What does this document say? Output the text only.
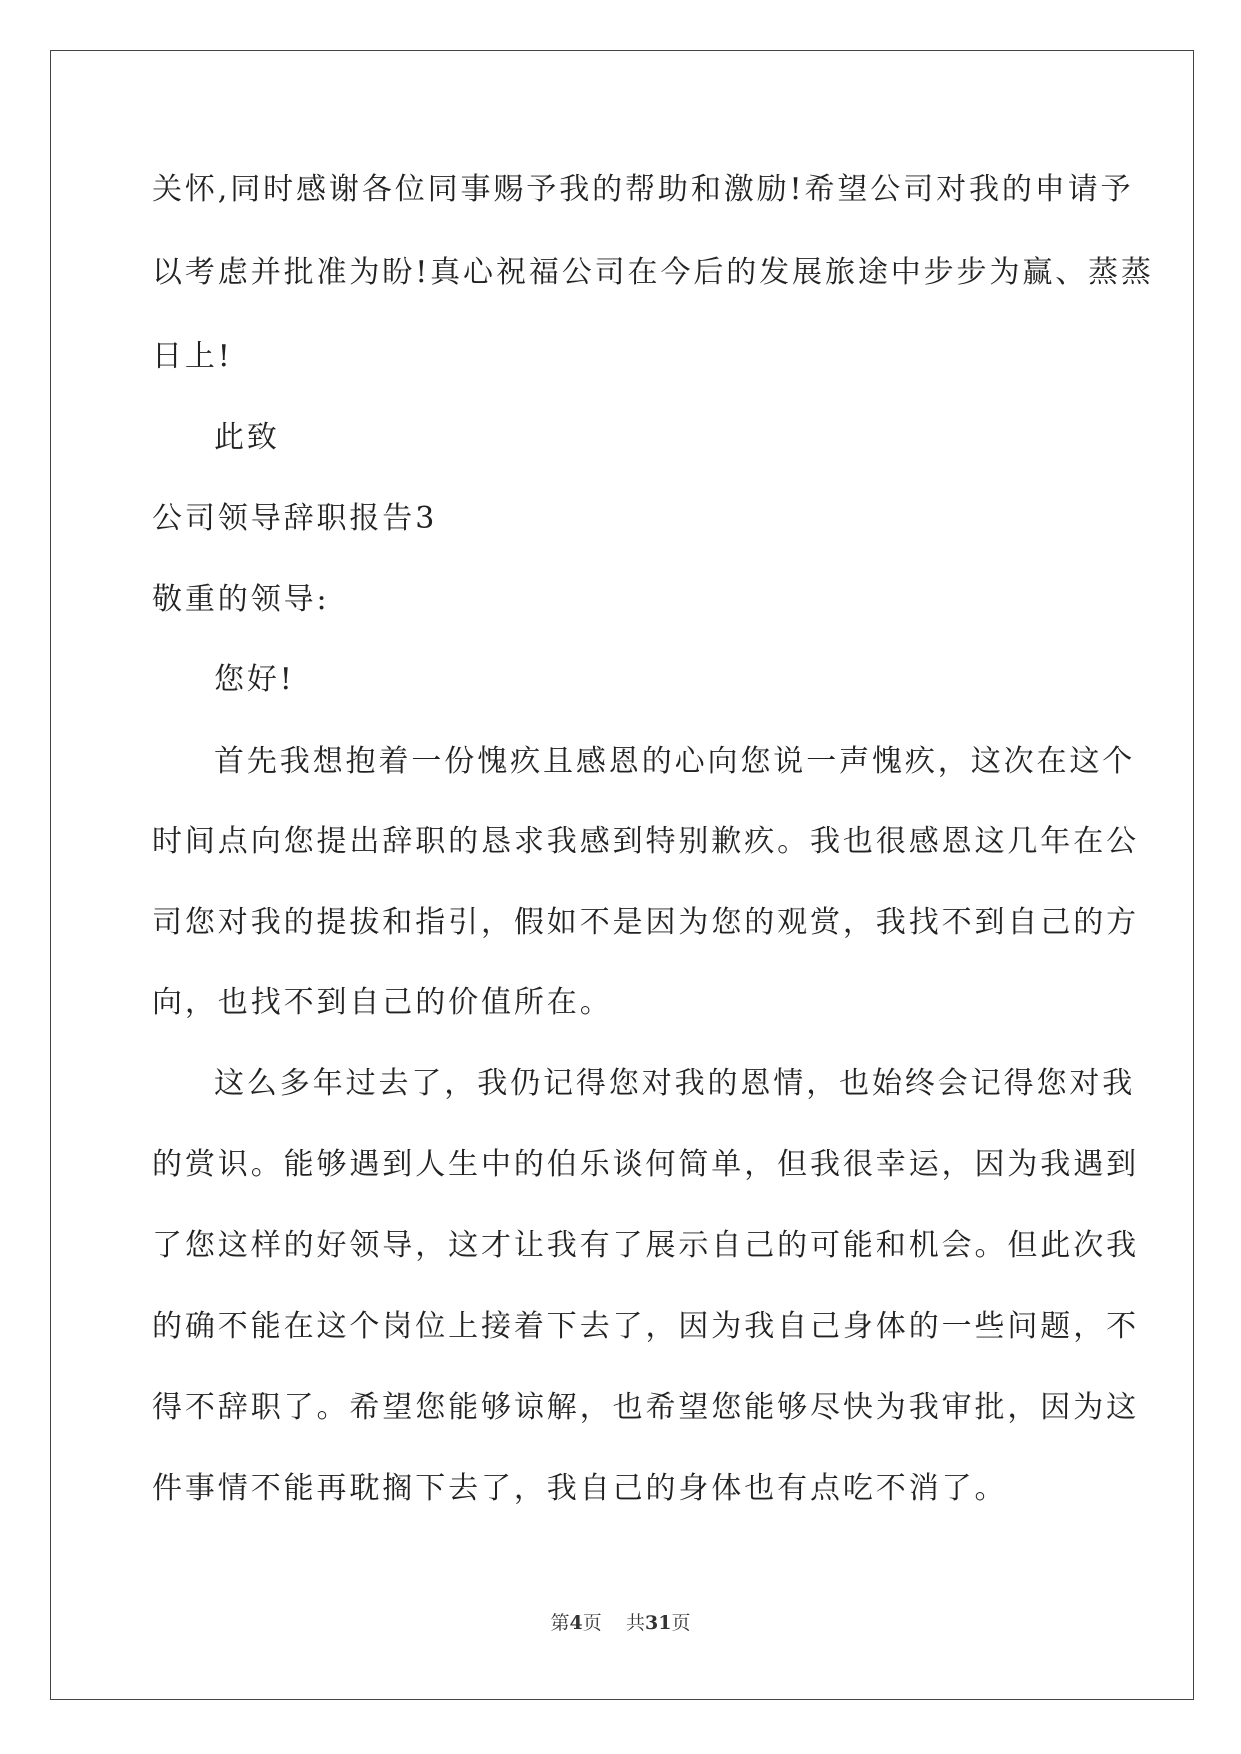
关怀,同时感谢各位同事赐予我的帮助和激励!希望公司对我的申请予
以考虑并批准为盼!真心祝福公司在今后的发展旅途中步步为赢、蒸蒸
日上!
此致
公司领导辞职报告3
敬重的领导:
您好!
首先我想抱着一份愧疚且感恩的心向您说一声愧疚，这次在这个
时间点向您提出辞职的恳求我感到特别歉疚。我也很感恩这几年在公
司您对我的提拔和指引，假如不是因为您的观赏，我找不到自己的方
向，也找不到自己的价值所在。
这么多年过去了，我仍记得您对我的恩情，也始终会记得您对我
的赏识。能够遇到人生中的伯乐谈何简单，但我很幸运，因为我遇到
了您这样的好领导，这才让我有了展示自己的可能和机会。但此次我
的确不能在这个岗位上接着下去了，因为我自己身体的一些问题，不
得不辞职了。希望您能够谅解，也希望您能够尽快为我审批，因为这
件事情不能再耽搁下去了，我自己的身体也有点吃不消了。
第4页 共31页
